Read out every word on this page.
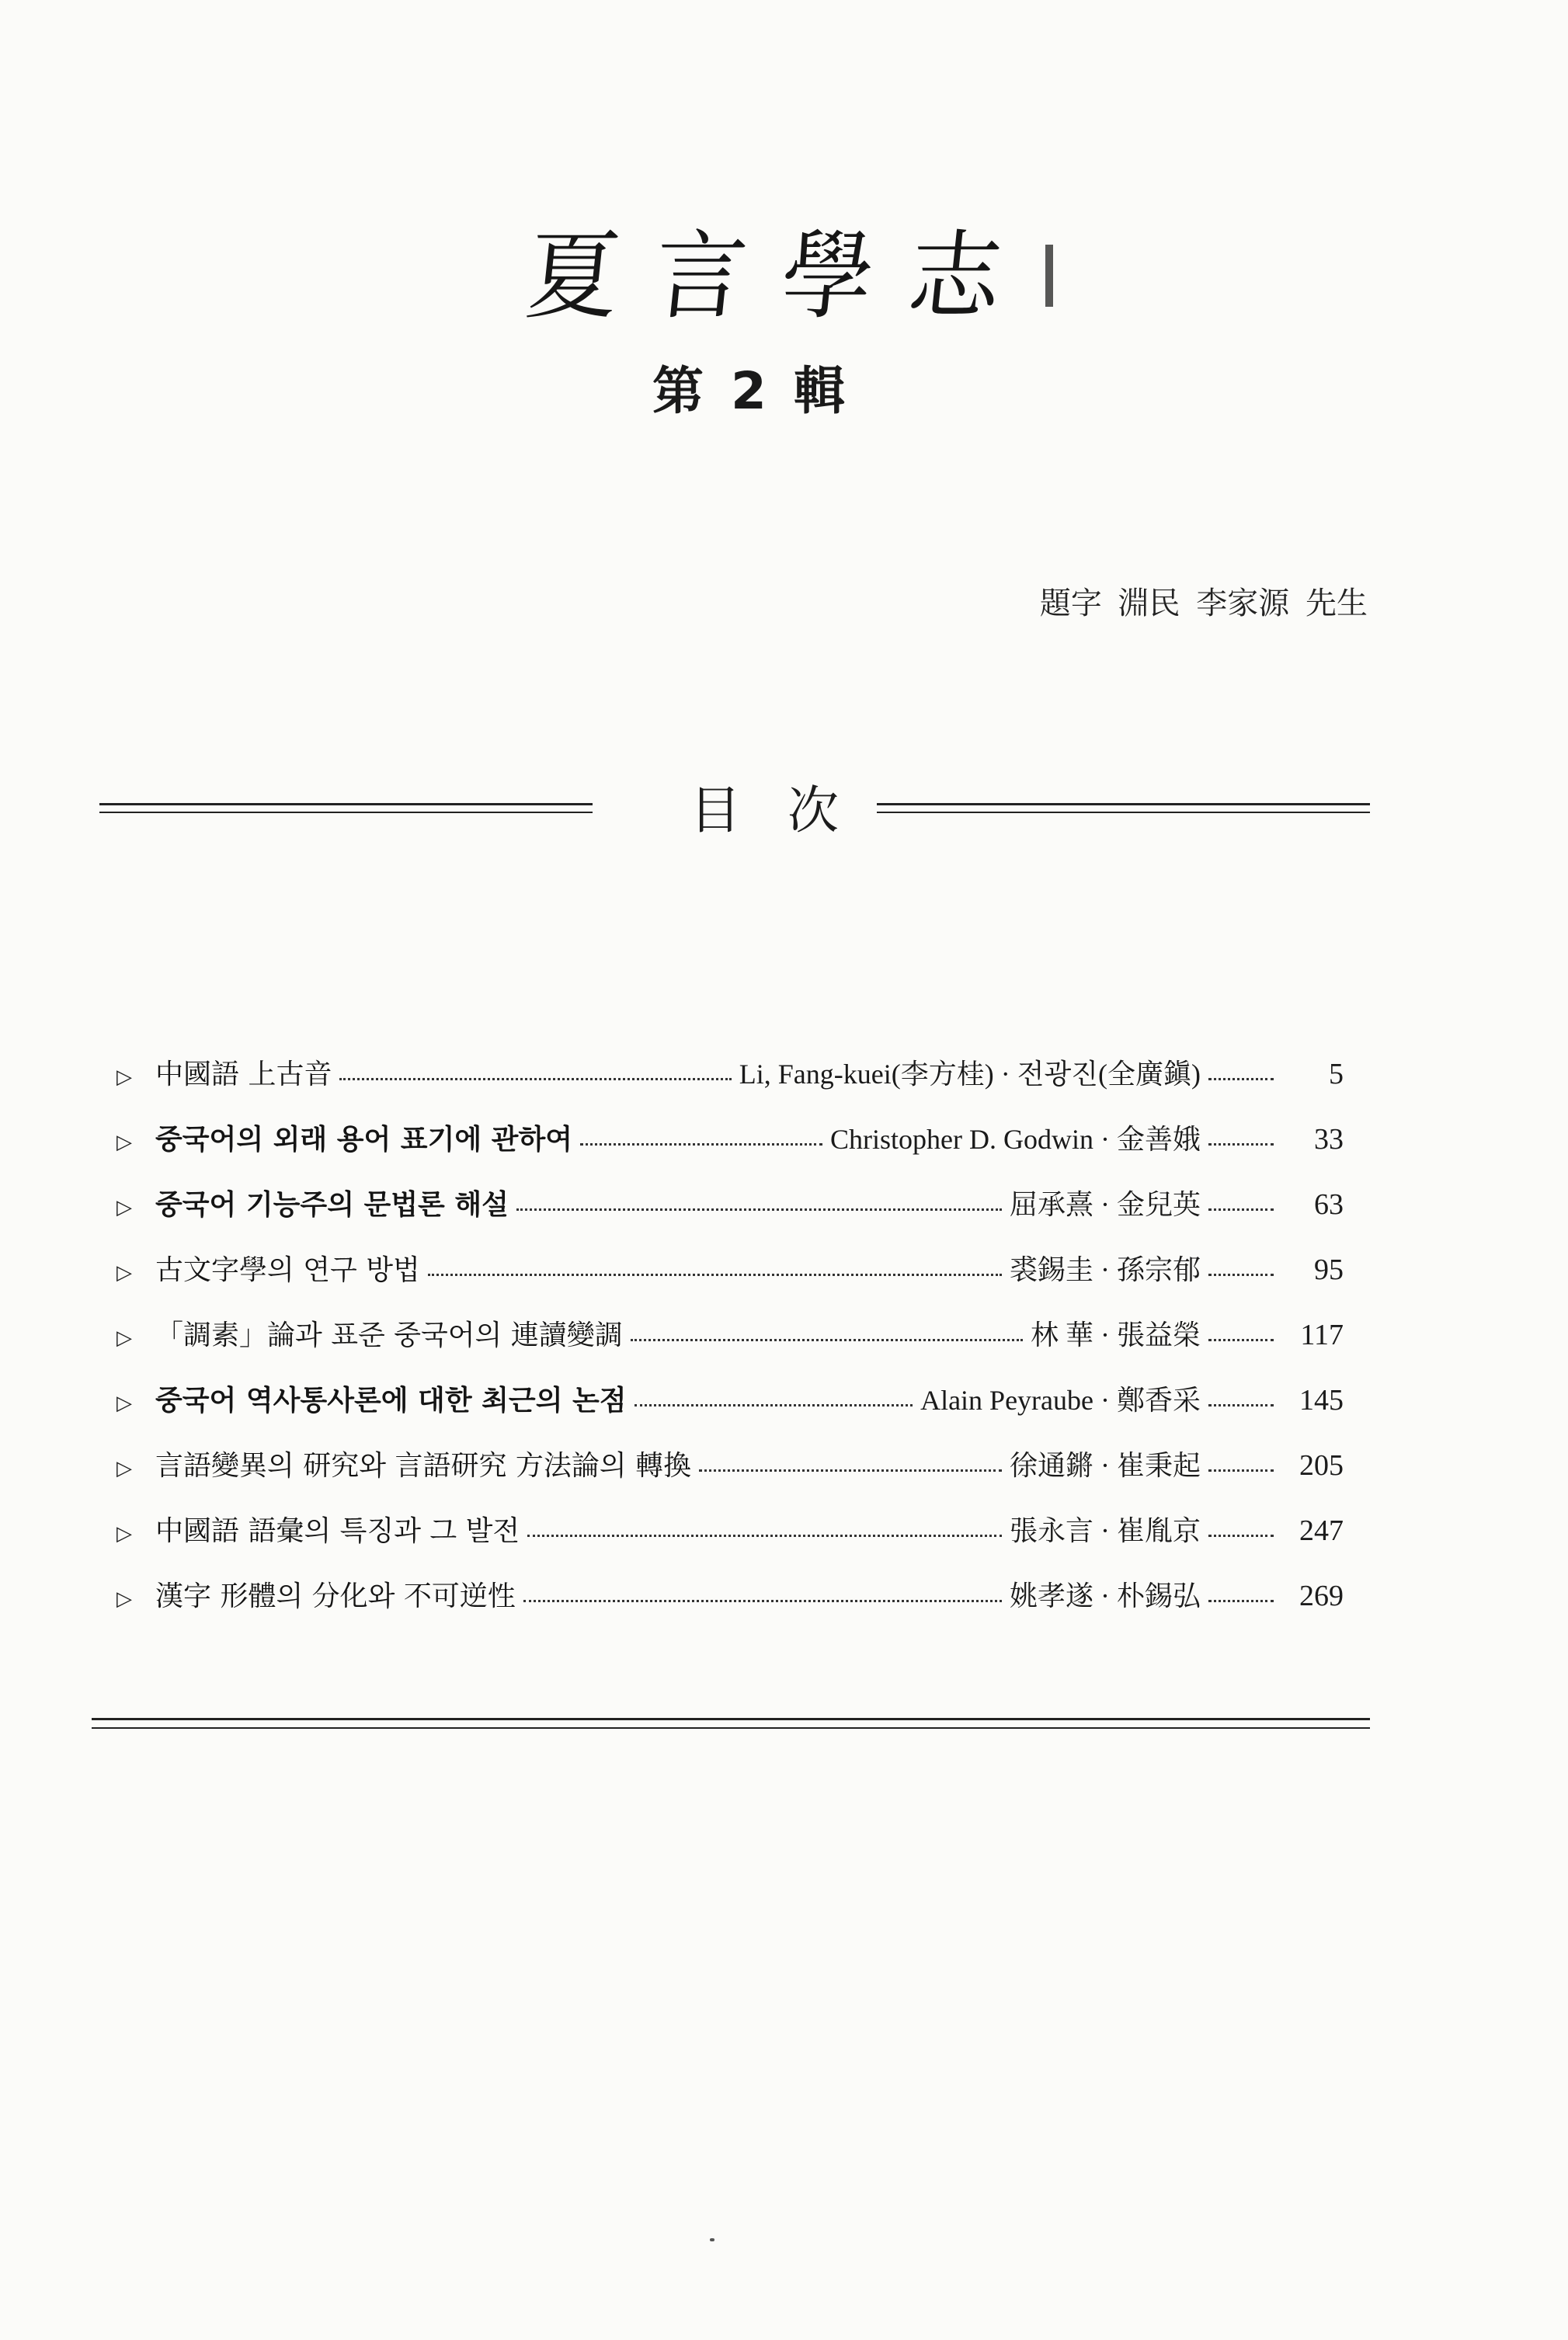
夏言學志
第 2 輯
題字 淵民 李家源 先生
目次
▷ 中國語 上古音	Li, Fang-kuei(李方桂) · 전광진(全廣鎭)	5
▷ 중국어의 외래 용어 표기에 관하여	Christopher D. Godwin · 金善娥	33
▷ 중국어 기능주의 문법론 해설	屈承熹 · 金兒英	63
▷ 古文字學의 연구 방법	裘錫圭 · 孫宗郁	95
▷ 「調素」論과 표준 중국어의 連讀變調	林 華 · 張益榮	117
▷ 중국어 역사통사론에 대한 최근의 논점	Alain Peyraube · 鄭香采	145
▷ 言語變異의 研究와 言語研究 方法論의 轉換	徐通鏘 · 崔秉起	205
▷ 中國語 語彙의 특징과 그 발전	張永言 · 崔胤京	247
▷ 漢字 形體의 分化와 不可逆性	姚孝遂 · 朴錫弘	269
